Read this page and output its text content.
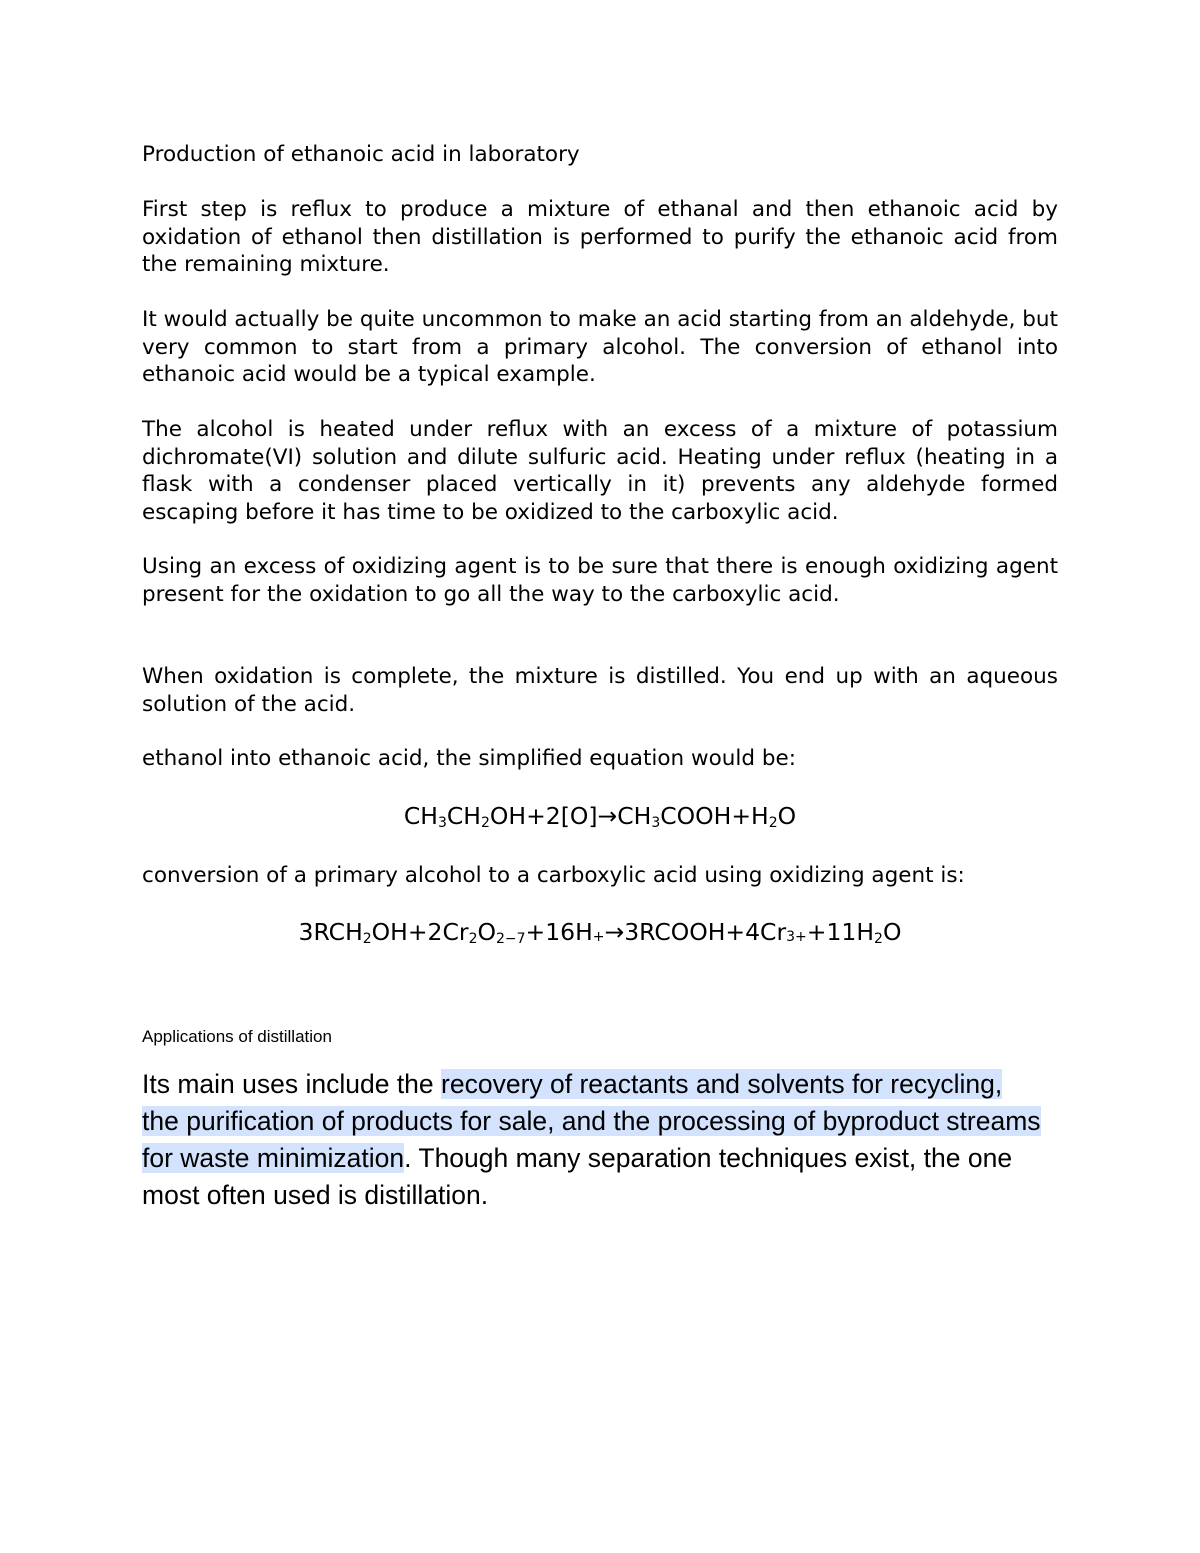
Production of ethanoic acid in laboratory

First step is reflux to produce a mixture of ethanal and then ethanoic acid by oxidation of ethanol then distillation is performed to purify the ethanoic acid from the remaining mixture.

It would actually be quite uncommon to make an acid starting from an aldehyde, but very common to start from a primary alcohol. The conversion of ethanol into ethanoic acid would be a typical example.

The alcohol is heated under reflux with an excess of a mixture of potassium dichromate(VI) solution and dilute sulfuric acid. Heating under reflux (heating in a flask with a condenser placed vertically in it) prevents any aldehyde formed escaping before it has time to be oxidized to the carboxylic acid.

Using an excess of oxidizing agent is to be sure that there is enough oxidizing agent present for the oxidation to go all the way to the carboxylic acid.

When oxidation is complete, the mixture is distilled. You end up with an aqueous solution of the acid.

ethanol into ethanoic acid, the simplified equation would be:

CH3CH2OH+2[O]→CH3COOH+H2O

conversion of a primary alcohol to a carboxylic acid using oxidizing agent is:

3RCH2OH+2Cr2O2−7+16H+→3RCOOH+4Cr3++11H2O

Applications of distillation

Its main uses include the recovery of reactants and solvents for recycling, the purification of products for sale, and the processing of byproduct streams for waste minimization. Though many separation techniques exist, the one most often used is distillation.
